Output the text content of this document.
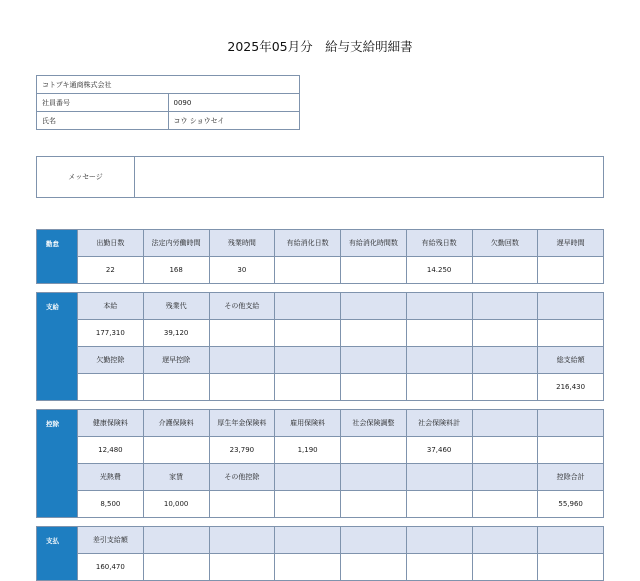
2025年05月分　給与支給明細書
コトブキ通商株式会社	
社員番号	0090
氏名	コウ ショウセイ
メッセージ	
勤怠	出勤日数	法定内労働時間	残業時間	有給消化日数	有給消化時間数	有給残日数	欠勤回数	遅早時間
	22	168	30			14.250		

支給	本給	残業代	その他支給					
	177,310	39,120						
	欠勤控除	遅早控除						総支給額
								216,430

控除	健康保険料	介護保険料	厚生年金保険料	雇用保険料	社会保険調整	社会保険料計		
	12,480		23,790	1,190		37,460		
	光熱費	家賃	その他控除					控除合計
	8,500	10,000						55,960

支払	差引支給額							
	160,470							
